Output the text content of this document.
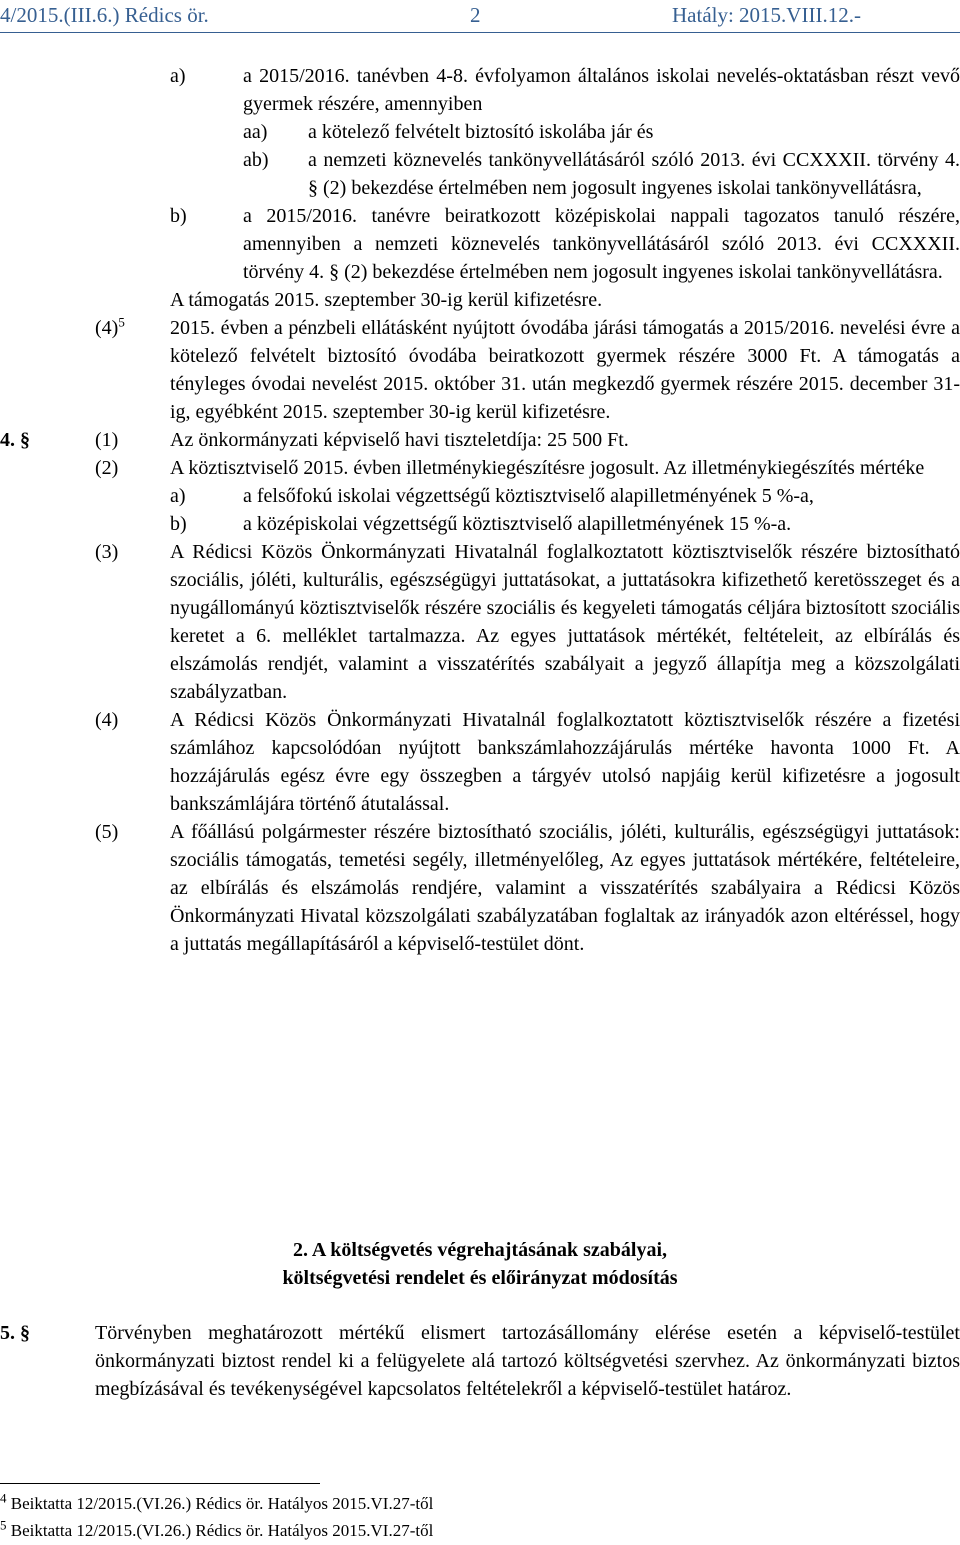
4/2015.(III.6.) Rédics ör.	2	Hatály: 2015.VIII.12.-
a)	a 2015/2016. tanévben 4-8. évfolyamon általános iskolai nevelés-oktatásban részt vevő gyermek részére, amennyiben
aa) a kötelező felvételt biztosító iskolába jár és
ab) a nemzeti köznevelés tankönyvellátásáról szóló 2013. évi CCXXXII. törvény 4. § (2) bekezdése értelmében nem jogosult ingyenes iskolai tankönyvellátásra,
b)	a 2015/2016. tanévre beiratkozott középiskolai nappali tagozatos tanuló részére, amennyiben a nemzeti köznevelés tankönyvellátásáról szóló 2013. évi CCXXXII. törvény 4. § (2) bekezdése értelmében nem jogosult ingyenes iskolai tankönyvellátásra.
A támogatás 2015. szeptember 30-ig kerül kifizetésre.
$(4)^5$ 2015. évben a pénzbeli ellátásként nyújtott óvodába járási támogatás a 2015/2016. nevelési évre a kötelező felvételt biztosító óvodába beiratkozott gyermek részére 3000 Ft. A támogatás a tényleges óvodai nevelést 2015. október 31. után megkezdő gyermek részére 2015. december 31-ig, egyébként 2015. szeptember 30-ig kerül kifizetésre.
4. §	(1)	Az önkormányzati képviselő havi tiszteletdíja: 25 500 Ft.
(2)	A köztisztviselő 2015. évben illetménykiegészítésre jogosult. Az illetménykiegészítés mértéke
a)	a felsőfokú iskolai végzettségű köztisztviselő alapilletményének 5 %-a,
b)	a középiskolai végzettségű köztisztviselő alapilletményének 15 %-a.
(3)	A Rédicsi Közös Önkormányzati Hivatalnál foglalkoztatott köztisztviselők részére biztosítható szociális, jóléti, kulturális, egészségügyi juttatásokat, a juttatásokra kifizethető keretösszeget és a nyugállományú köztisztviselők részére szociális és kegyeleti támogatás céljára biztosított szociális keretet a 6. melléklet tartalmazza. Az egyes juttatások mértékét, feltételeit, az elbírálás és elszámolás rendjét, valamint a visszatérítés szabályait a jegyző állapítja meg a közszolgálati szabályzatban.
(4)	A Rédicsi Közös Önkormányzati Hivatalnál foglalkoztatott köztisztviselők részére a fizetési számlához kapcsolódóan nyújtott bankszámlahozzájárulás mértéke havonta 1000 Ft. A hozzájárulás egész évre egy összegben a tárgyév utolsó napjáig kerül kifizetésre a jogosult bankszámlájára történő átutalással.
(5)	A főállású polgármester részére biztosítható szociális, jóléti, kulturális, egészségügyi juttatások: szociális támogatás, temetési segély, illetményelőleg, Az egyes juttatások mértékére, feltételeire, az elbírálás és elszámolás rendjére, valamint a visszatérítés szabályaira a Rédicsi Közös Önkormányzati Hivatal közszolgálati szabályzatában foglaltak az irányadók azon eltéréssel, hogy a juttatás megállapításáról a képviselő-testület dönt.
2. A költségvetés végrehajtásának szabályai,
költségvetési rendelet és előirányzat módosítás
5. §	Törvényben meghatározott mértékű elismert tartozásállomány elérése esetén a képviselő-testület önkormányzati biztost rendel ki a felügyelete alá tartozó költségvetési szervhez. Az önkormányzati biztos megbízásával és tevékenységével kapcsolatos feltételekről a képviselő-testület határoz.
$^4$ Beiktatta 12/2015.(VI.26.) Rédics ör. Hatályos 2015.VI.27-től
$^5$ Beiktatta 12/2015.(VI.26.) Rédics ör. Hatályos 2015.VI.27-től
